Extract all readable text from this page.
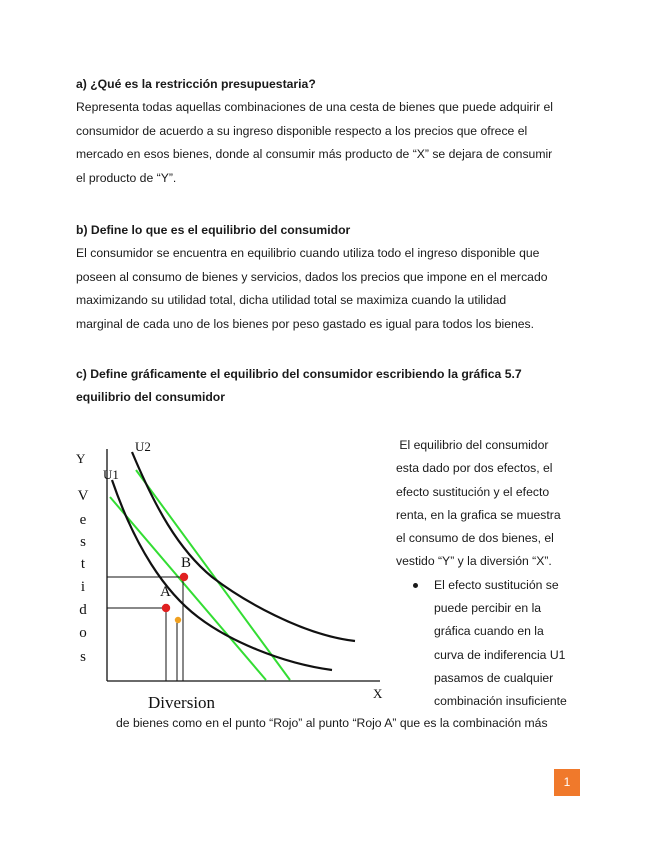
a) ¿Qué es la restricción presupuestaria?

Representa todas aquellas combinaciones de una cesta de bienes que puede adquirir el
consumidor de acuerdo a su ingreso disponible respecto a los precios que ofrece el
mercado en esos bienes, donde al consumir más producto de “X” se dejara de consumir
el producto de “Y”.

b) Define lo que es el equilibrio del consumidor

El consumidor se encuentra en equilibrio cuando utiliza todo el ingreso disponible que
poseen al consumo de bienes y servicios, dados los precios que impone en el mercado
maximizando su utilidad total, dicha utilidad total se maximiza cuando la utilidad
marginal de cada uno de los bienes por peso gastado es igual para todos los bienes.

c) Define gráficamente el equilibrio del consumidor escribiendo la gráfica 5.7
equilibrio del consumidor

Y
X
V
e
s
t
i
d
o
s
Diversion
U2
U1
B
A
El equilibrio del consumidor
esta dado por dos efectos, el
efecto sustitución y el efecto
renta, en la grafica se muestra
el consumo de dos bienes, el
vestido “Y” y la diversión “X”.
El efecto sustitución se
puede percibir en la
gráfica cuando en la
curva de indiferencia U1
pasamos de cualquier
combinación insuficiente
de bienes como en el punto “Rojo” al punto “Rojo A” que es la combinación más
1
